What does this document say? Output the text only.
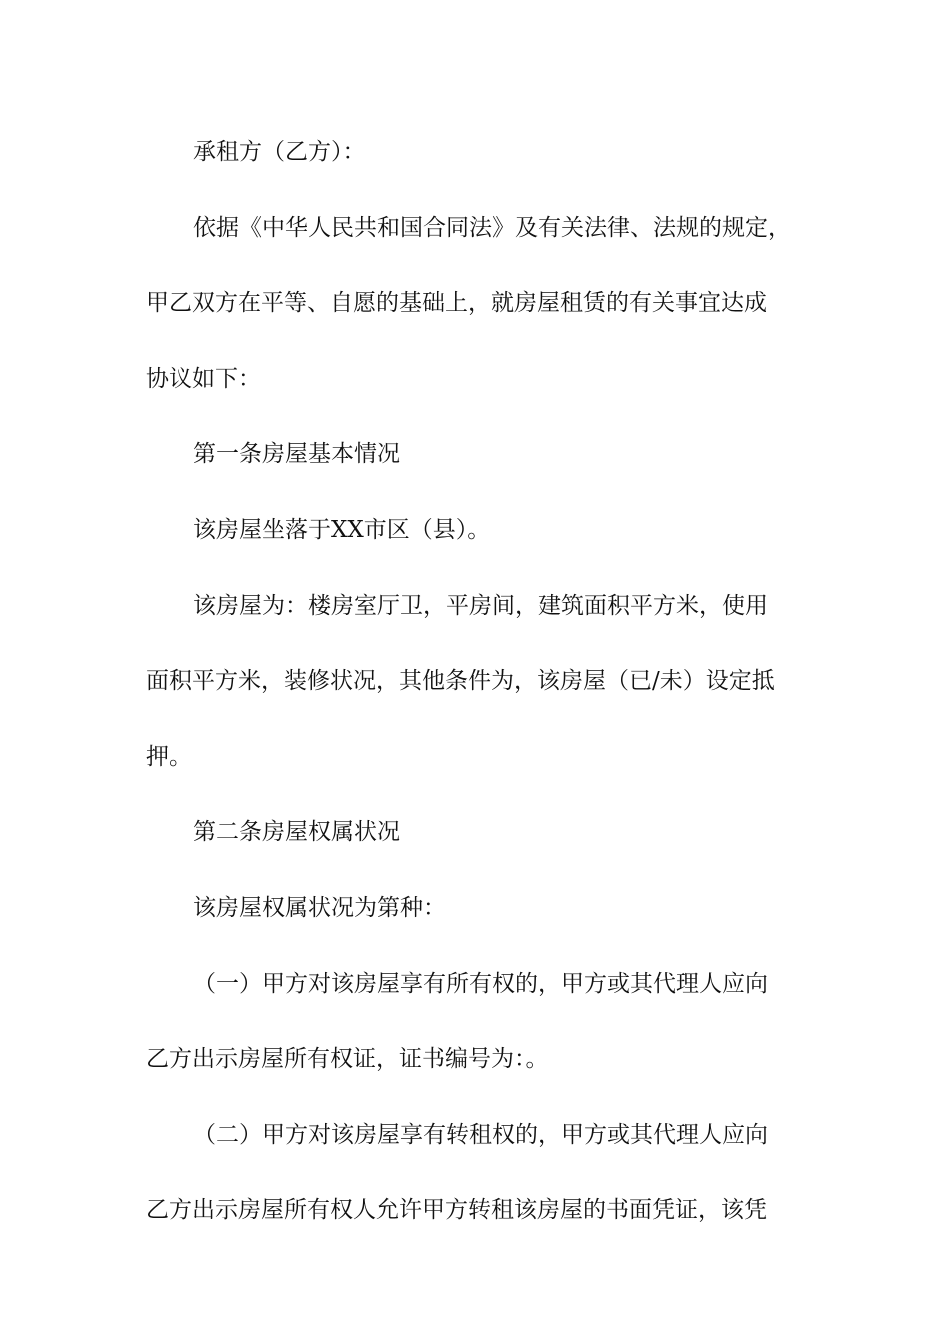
承租方（乙方）：
依据《中华人民共和国合同法》及有关法律、法规的规定，
甲乙双方在平等、自愿的基础上，就房屋租赁的有关事宜达成
协议如下：
第一条房屋基本情况
该房屋坐落于XX市区（县）。
该房屋为：楼房室厅卫，平房间，建筑面积平方米，使用
面积平方米，装修状况，其他条件为，该房屋（已/未）设定抵
押。
第二条房屋权属状况
该房屋权属状况为第种：
（一）甲方对该房屋享有所有权的，甲方或其代理人应向
乙方出示房屋所有权证，证书编号为：。
（二）甲方对该房屋享有转租权的，甲方或其代理人应向
乙方出示房屋所有权人允许甲方转租该房屋的书面凭证，该凭
